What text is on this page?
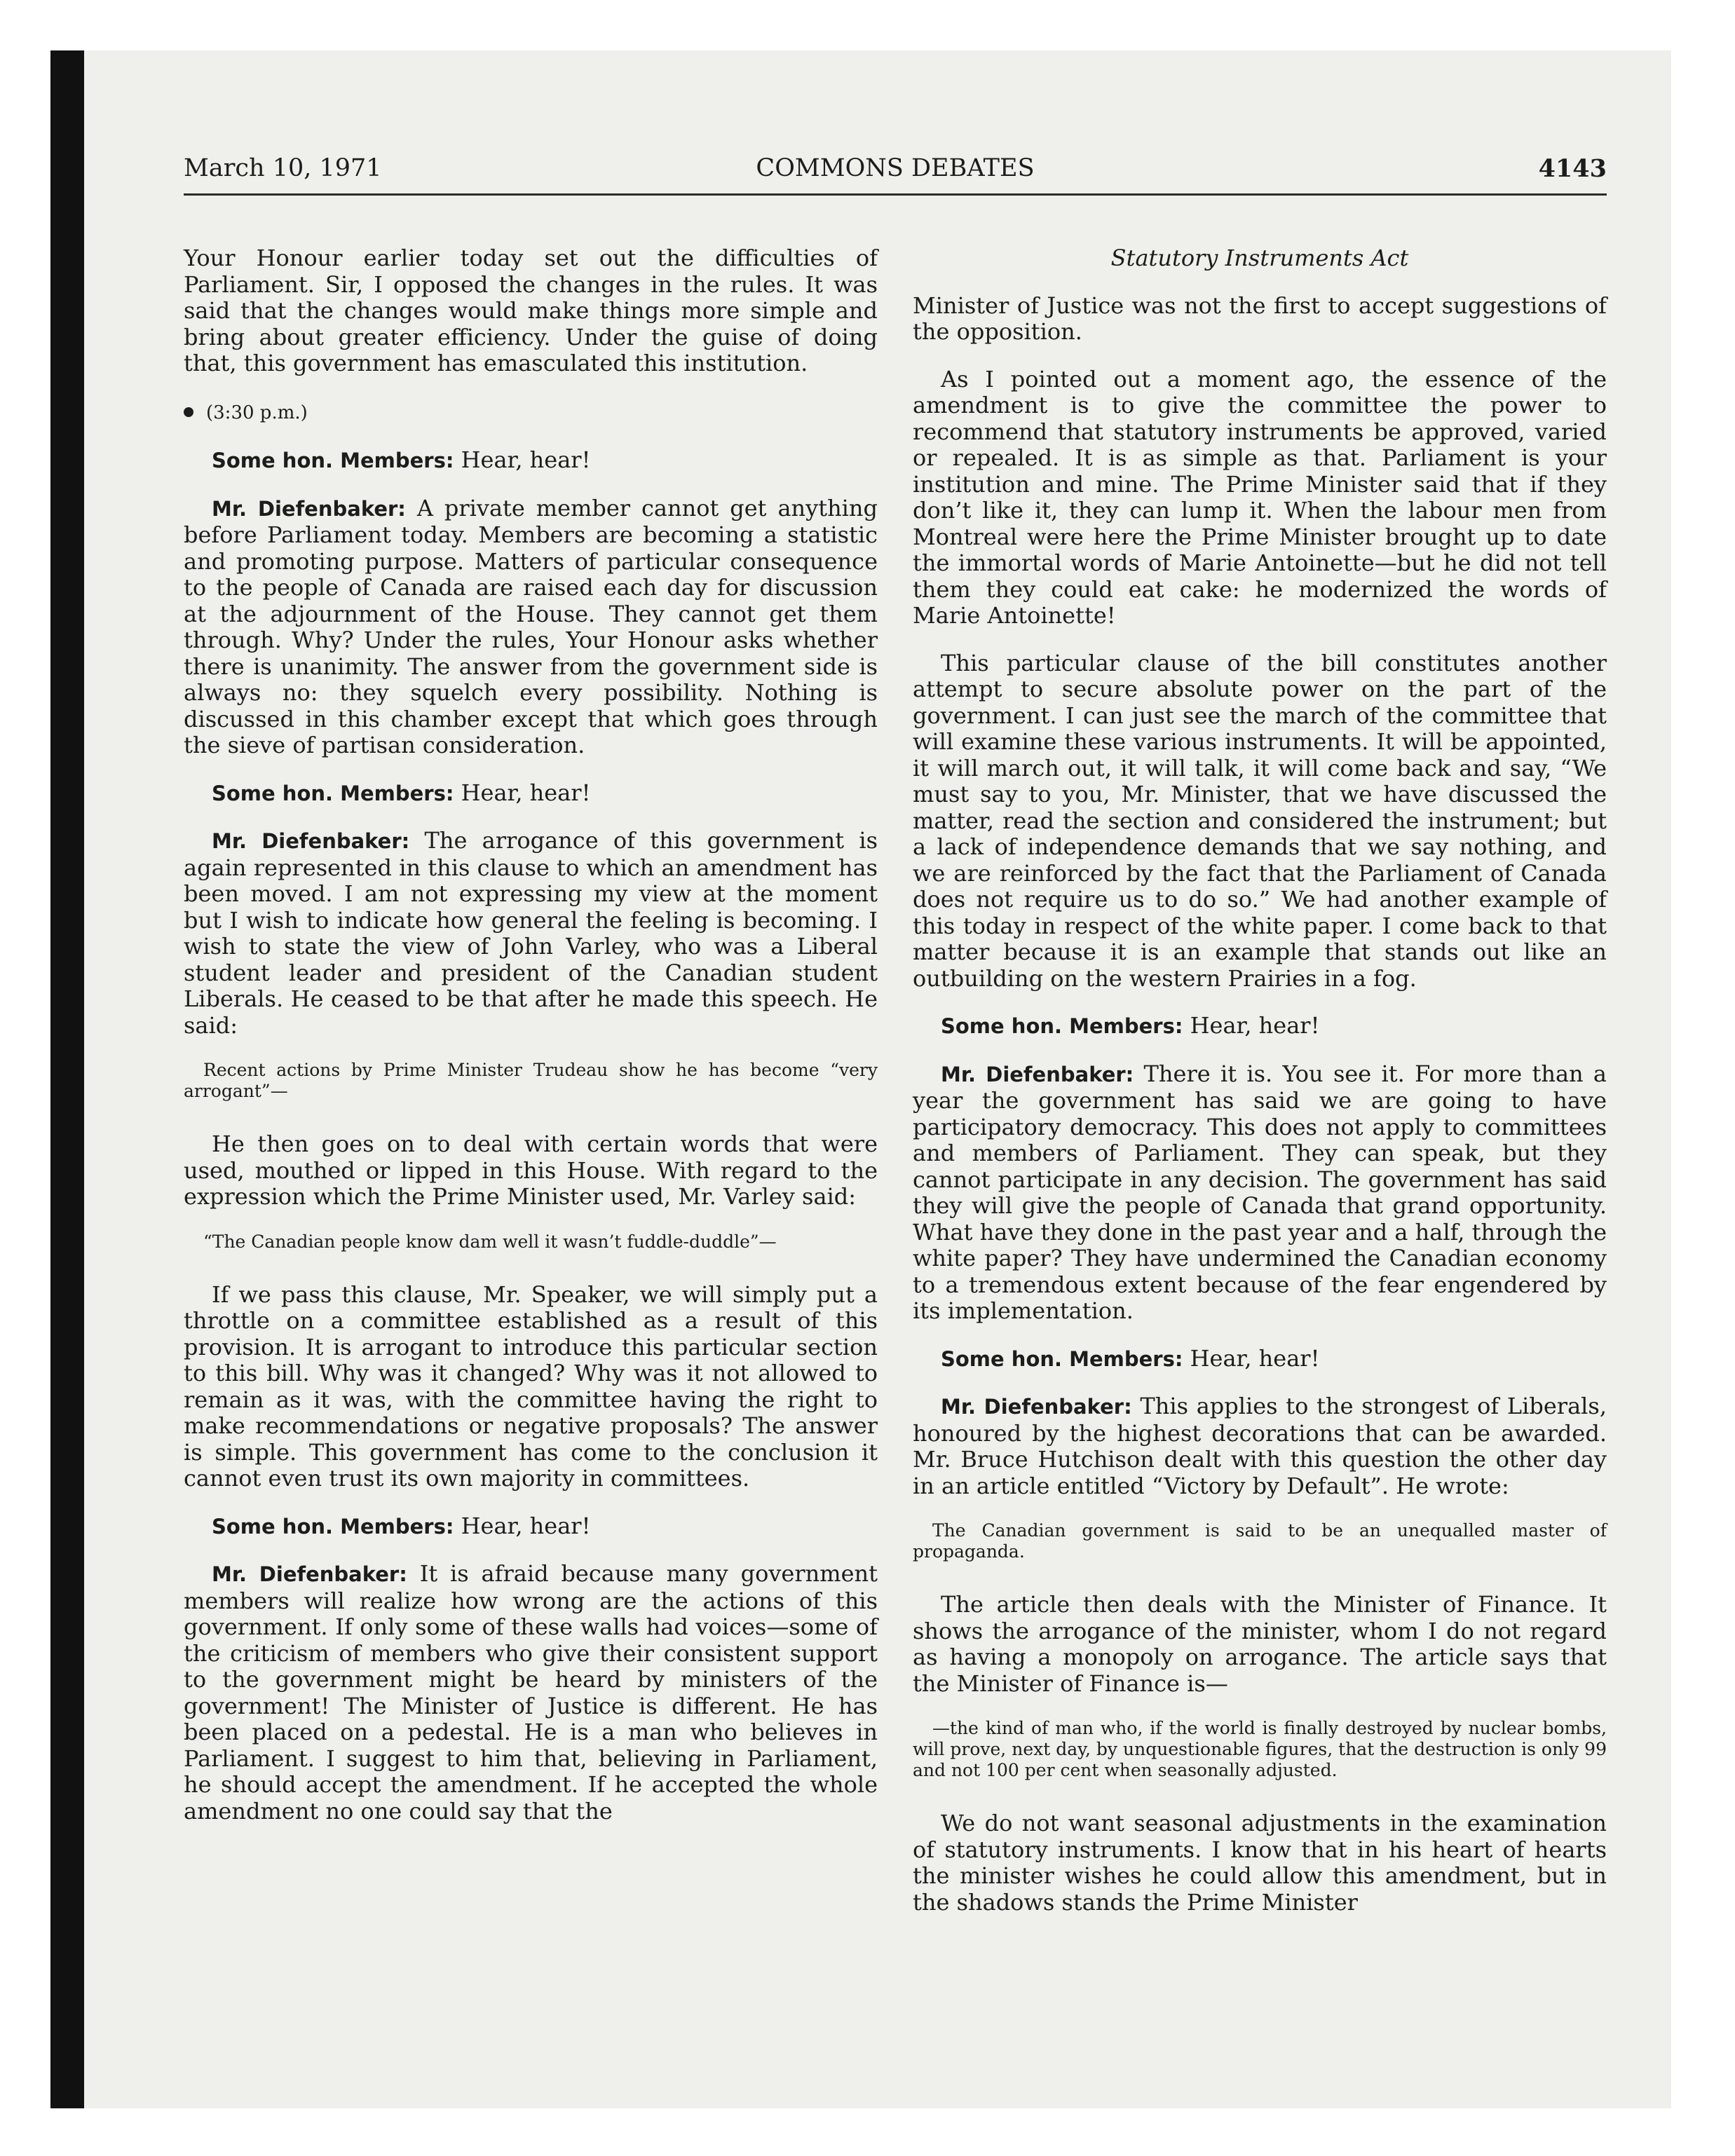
March 10, 1971	COMMONS DEBATES	4143

Your Honour earlier today set out the difficulties of Parliament. Sir, I opposed the changes in the rules. It was said that the changes would make things more simple and bring about greater efficiency. Under the guise of doing that, this government has emasculated this institution.

(3:30 p.m.)

Some hon. Members: Hear, hear!

Mr. Diefenbaker: A private member cannot get anything before Parliament today. Members are becoming a statistic and promoting purpose. Matters of particular consequence to the people of Canada are raised each day for discussion at the adjournment of the House. They cannot get them through. Why? Under the rules, Your Honour asks whether there is unanimity. The answer from the government side is always no: they squelch every possibility. Nothing is discussed in this chamber except that which goes through the sieve of partisan consideration.

Some hon. Members: Hear, hear!

Mr. Diefenbaker: The arrogance of this government is again represented in this clause to which an amendment has been moved. I am not expressing my view at the moment but I wish to indicate how general the feeling is becoming. I wish to state the view of John Varley, who was a Liberal student leader and president of the Canadian student Liberals. He ceased to be that after he made this speech. He said:

Recent actions by Prime Minister Trudeau show he has become “very arrogant”—

He then goes on to deal with certain words that were used, mouthed or lipped in this House. With regard to the expression which the Prime Minister used, Mr. Varley said:

“The Canadian people know dam well it wasn’t fuddle-duddle”—

If we pass this clause, Mr. Speaker, we will simply put a throttle on a committee established as a result of this provision. It is arrogant to introduce this particular section to this bill. Why was it changed? Why was it not allowed to remain as it was, with the committee having the right to make recommendations or negative proposals? The answer is simple. This government has come to the conclusion it cannot even trust its own majority in committees.

Some hon. Members: Hear, hear!

Mr. Diefenbaker: It is afraid because many government members will realize how wrong are the actions of this government. If only some of these walls had voices—some of the criticism of members who give their consistent support to the government might be heard by ministers of the government! The Minister of Justice is different. He has been placed on a pedestal. He is a man who believes in Parliament. I suggest to him that, believing in Parliament, he should accept the amendment. If he accepted the whole amendment no one could say that the

Statutory Instruments Act

Minister of Justice was not the first to accept suggestions of the opposition.

As I pointed out a moment ago, the essence of the amendment is to give the committee the power to recommend that statutory instruments be approved, varied or repealed. It is as simple as that. Parliament is your institution and mine. The Prime Minister said that if they don’t like it, they can lump it. When the labour men from Montreal were here the Prime Minister brought up to date the immortal words of Marie Antoinette—but he did not tell them they could eat cake: he modernized the words of Marie Antoinette!

This particular clause of the bill constitutes another attempt to secure absolute power on the part of the government. I can just see the march of the committee that will examine these various instruments. It will be appointed, it will march out, it will talk, it will come back and say, “We must say to you, Mr. Minister, that we have discussed the matter, read the section and considered the instrument; but a lack of independence demands that we say nothing, and we are reinforced by the fact that the Parliament of Canada does not require us to do so.” We had another example of this today in respect of the white paper. I come back to that matter because it is an example that stands out like an outbuilding on the western Prairies in a fog.

Some hon. Members: Hear, hear!

Mr. Diefenbaker: There it is. You see it. For more than a year the government has said we are going to have participatory democracy. This does not apply to committees and members of Parliament. They can speak, but they cannot participate in any decision. The government has said they will give the people of Canada that grand opportunity. What have they done in the past year and a half, through the white paper? They have undermined the Canadian economy to a tremendous extent because of the fear engendered by its implementation.

Some hon. Members: Hear, hear!

Mr. Diefenbaker: This applies to the strongest of Liberals, honoured by the highest decorations that can be awarded. Mr. Bruce Hutchison dealt with this question the other day in an article entitled “Victory by Default”. He wrote:

The Canadian government is said to be an unequalled master of propaganda.

The article then deals with the Minister of Finance. It shows the arrogance of the minister, whom I do not regard as having a monopoly on arrogance. The article says that the Minister of Finance is—

—the kind of man who, if the world is finally destroyed by nuclear bombs, will prove, next day, by unquestionable figures, that the destruction is only 99 and not 100 per cent when seasonally adjusted.

We do not want seasonal adjustments in the examination of statutory instruments. I know that in his heart of hearts the minister wishes he could allow this amendment, but in the shadows stands the Prime Minister
